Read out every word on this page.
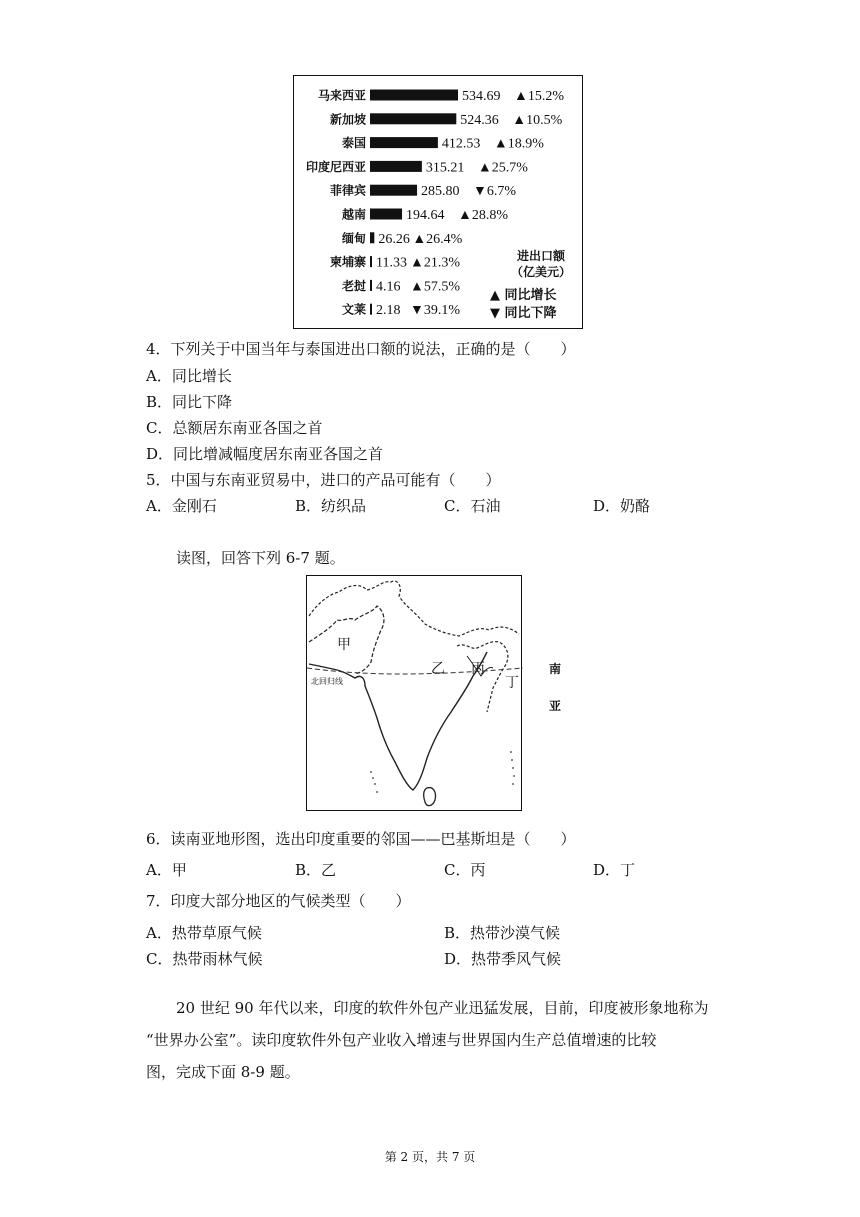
马来西亚	534.69 ▲15.2%
新加坡	524.36 ▲10.5%
泰国	412.53 ▲18.9%
印度尼西亚	315.21 ▲25.7%
菲律宾	285.80 ▼6.7%
越南	194.64 ▲28.8%
缅甸 26.26 ▲26.4%
柬埔寨 11.33 ▲21.3%
老挝 4.16 ▲57.5%
文莱 2.18 ▼39.1%
进出口额
（亿美元）
▲ 同比增长
▼ 同比下降
4．下列关于中国当年与泰国进出口额的说法，正确的是（　　）
A．同比增长
B．同比下降
C．总额居东南亚各国之首
D．同比增减幅度居东南亚各国之首
5．中国与东南亚贸易中，进口的产品可能有（　　）
A．金刚石	B．纺织品	C．石油	D．奶酪
读图，回答下列 6-7 题。
甲
乙 丙
丁
北回归线
南
亚
6．读南亚地形图，选出印度重要的邻国——巴基斯坦是（　　）
A．甲	B．乙	C．丙	D．丁
7．印度大部分地区的气候类型（　　）
A．热带草原气候	B．热带沙漠气候
C．热带雨林气候	D．热带季风气候
20 世纪 90 年代以来，印度的软件外包产业迅猛发展，目前，印度被形象地称为
“世界办公室”。读印度软件外包产业收入增速与世界国内生产总值增速的比较
图，完成下面 8-9 题。
第 2 页，共 7 页
